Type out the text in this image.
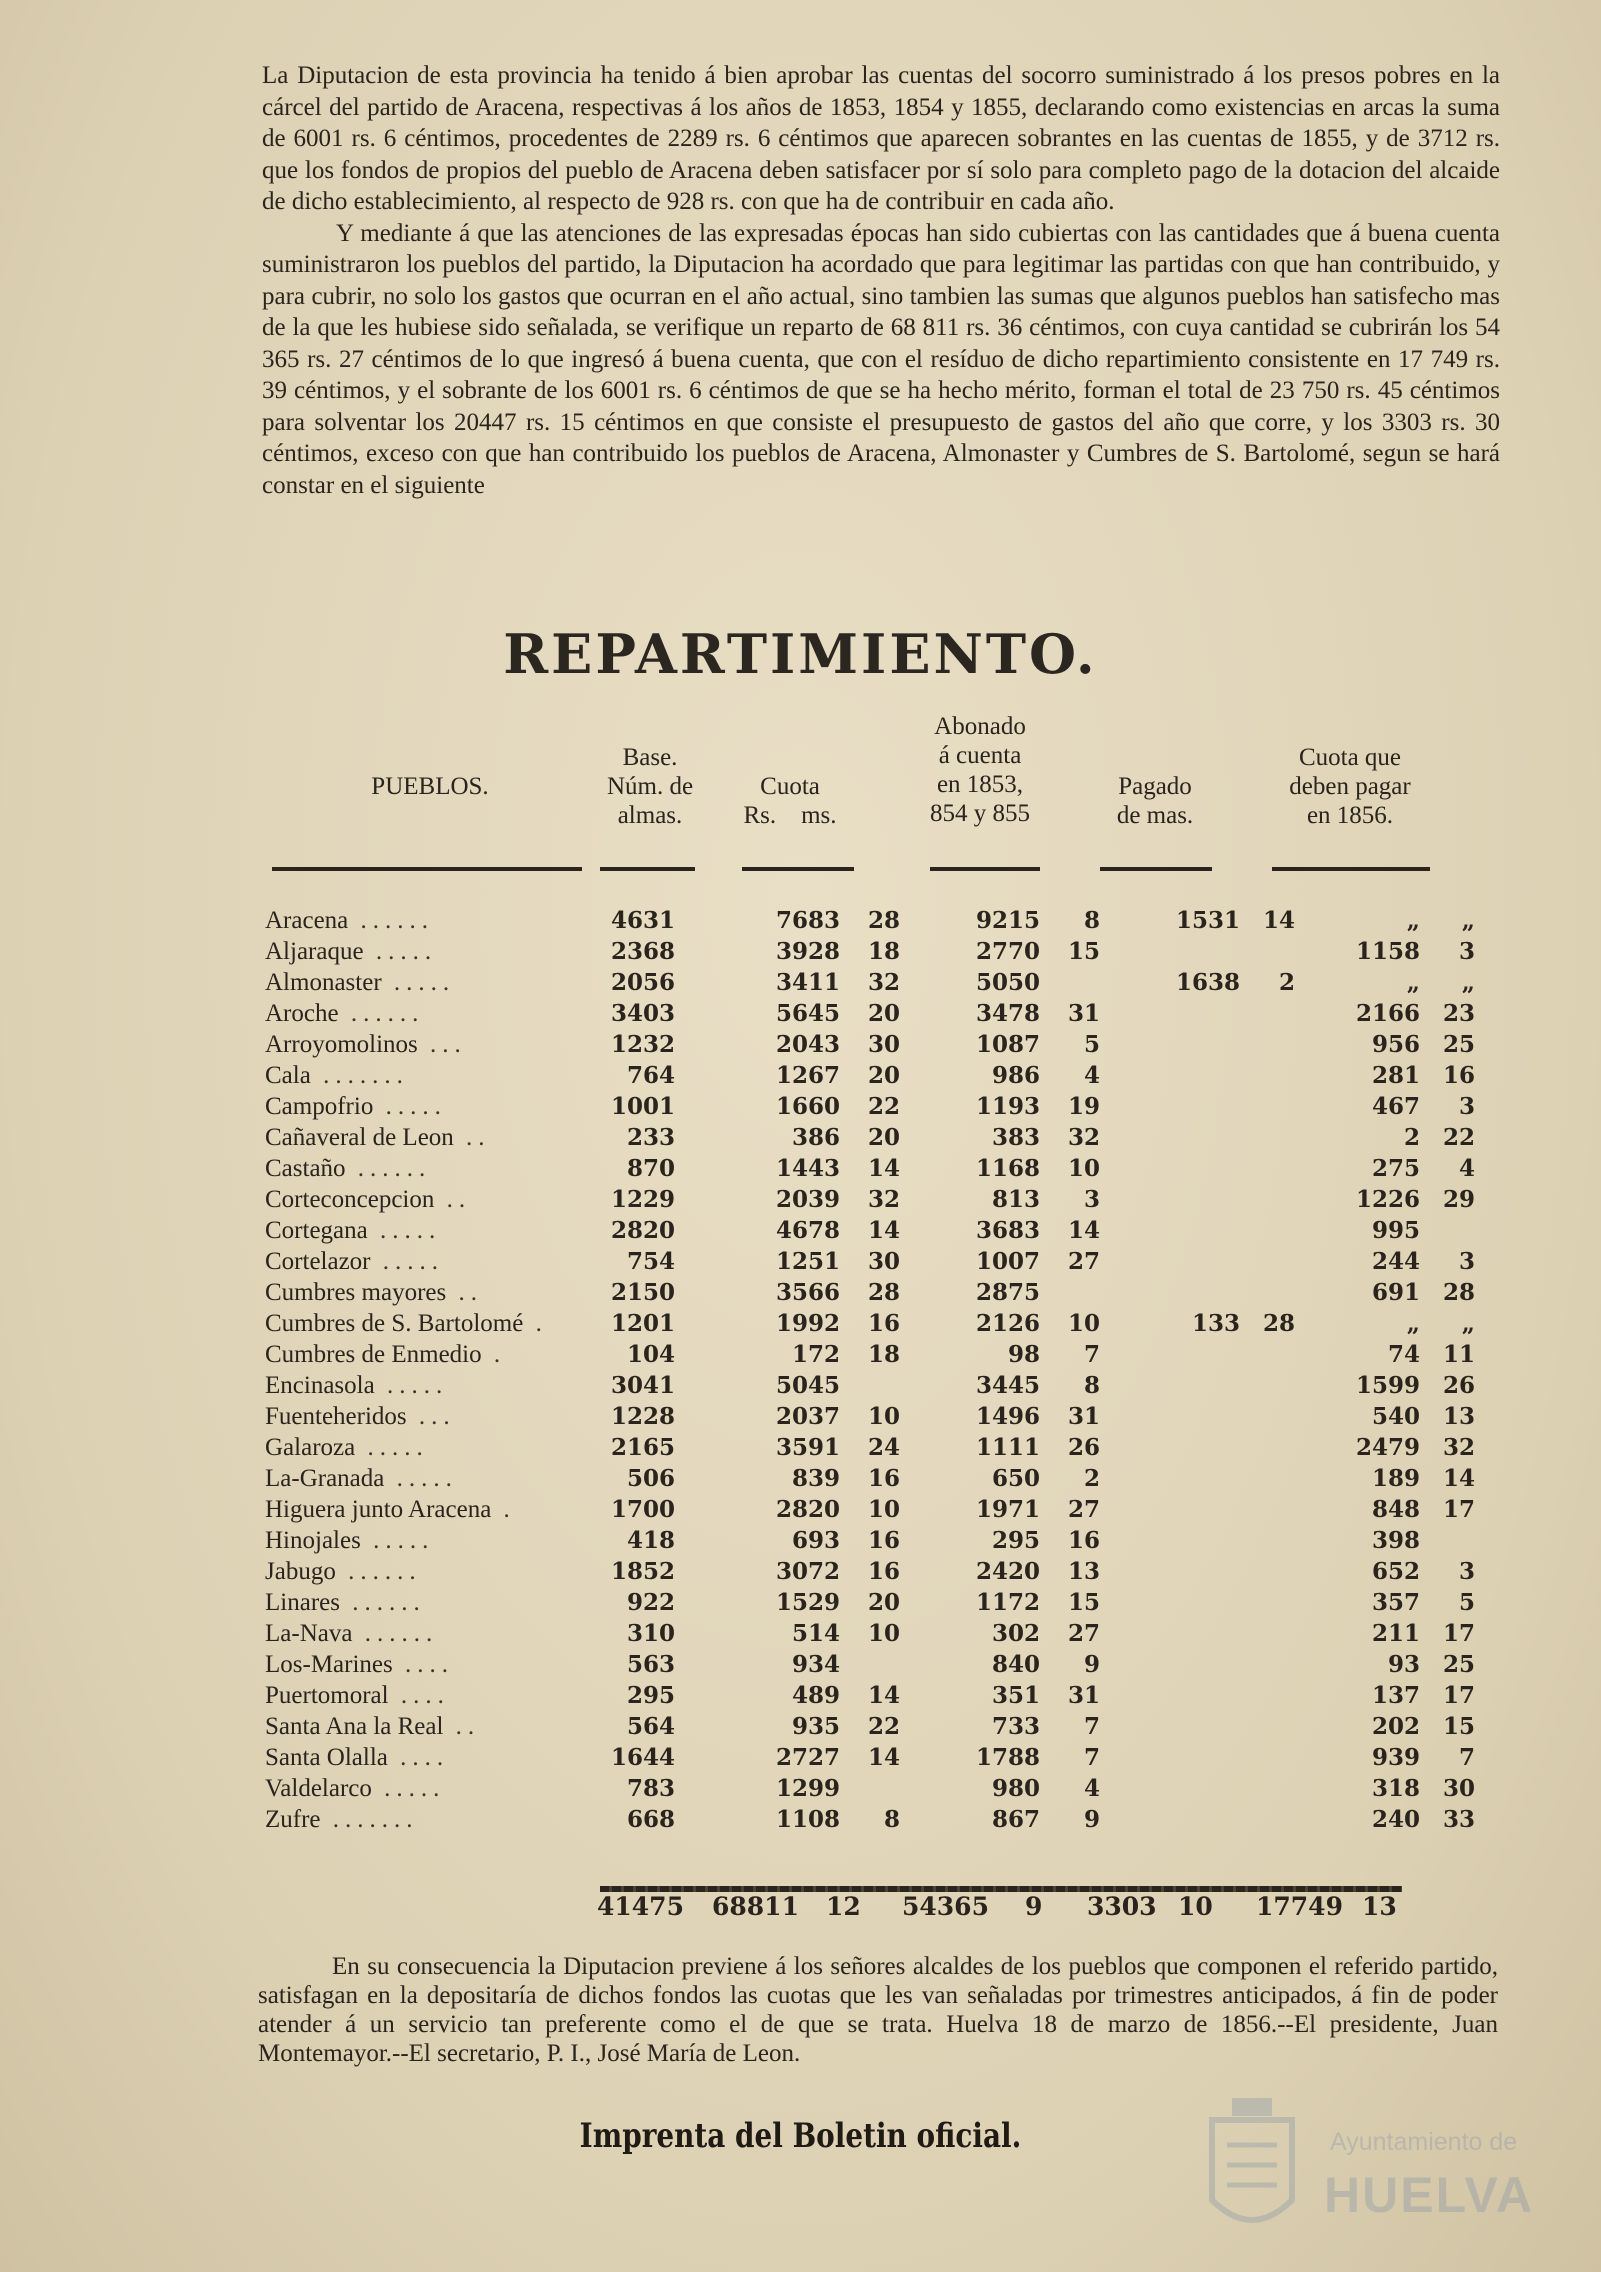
La Diputacion de esta provincia ha tenido á bien aprobar las cuentas del socorro suministrado á los presos pobres en la cárcel del partido de Aracena, respectivas á los años de 1853, 1854 y 1855, declarando como existencias en arcas la suma de 6001 rs. 6 céntimos, procedentes de 2289 rs. 6 céntimos que aparecen sobrantes en las cuentas de 1855, y de 3712 rs. que los fondos de propios del pueblo de Aracena deben satisfacer por sí solo para completo pago de la dotacion del alcaide de dicho establecimiento, al respecto de 928 rs. con que ha de contribuir en cada año.

Y mediante á que las atenciones de las expresadas épocas han sido cubiertas con las cantidades que á buena cuenta suministraron los pueblos del partido, la Diputacion ha acordado que para legitimar las partidas con que han contribuido, y para cubrir, no solo los gastos que ocurran en el año actual, sino tambien las sumas que algunos pueblos han satisfecho mas de la que les hubiese sido señalada, se verifique un reparto de 68 811 rs. 36 céntimos, con cuya cantidad se cubrirán los 54 365 rs. 27 céntimos de lo que ingresó á buena cuenta, que con el resíduo de dicho repartimiento consistente en 17 749 rs. 39 céntimos, y el sobrante de los 6001 rs. 6 céntimos de que se ha hecho mérito, forman el total de 23 750 rs. 45 céntimos para solventar los 20447 rs. 15 céntimos en que consiste el presupuesto de gastos del año que corre, y los 3303 rs. 30 céntimos, exceso con que han contribuido los pueblos de Aracena, Almonaster y Cumbres de S. Bartolomé, segun se hará constar en el siguiente

REPARTIMIENTO.
PUEBLOS.
Base.
Núm. de
almas.
Cuota
Rs.    ms.
Abonado
á cuenta
en 1853,
854 y 855
Pagado
de mas.
Cuota que
deben pagar
en 1856.
Aracena ......	4631		7683		28		9215		8		1531		14		„		„
Aljaraque .....	2368		3928		18		2770		15						1158		3
Almonaster .....	2056		3411		32		5050				1638		2		„		„
Aroche ......	3403		5645		20		3478		31						2166		23
Arroyomolinos ...	1232		2043		30		1087		5						956		25
Cala .......	764		1267		20		986		4						281		16
Campofrio .....	1001		1660		22		1193		19						467		3
Cañaveral de Leon ..	233		386		20		383		32						2		22
Castaño ......	870		1443		14		1168		10						275		4
Corteconcepcion ..	1229		2039		32		813		3						1226		29
Cortegana .....	2820		4678		14		3683		14						995		
Cortelazor .....	754		1251		30		1007		27						244		3
Cumbres mayores ..	2150		3566		28		2875								691		28
Cumbres de S. Bartolomé .	1201		1992		16		2126		10		133		28		„		„
Cumbres de Enmedio .	104		172		18		98		7						74		11
Encinasola .....	3041		5045				3445		8						1599		26
Fuenteheridos ...	1228		2037		10		1496		31						540		13
Galaroza .....	2165		3591		24		1111		26						2479		32
La-Granada .....	506		839		16		650		2						189		14
Higuera junto Aracena .	1700		2820		10		1971		27						848		17
Hinojales .....	418		693		16		295		16						398		
Jabugo ......	1852		3072		16		2420		13						652		3
Linares ......	922		1529		20		1172		15						357		5
La-Nava ......	310		514		10		302		27						211		17
Los-Marines ....	563		934				840		9						93		25
Puertomoral ....	295		489		14		351		31						137		17
Santa Ana la Real ..	564		935		22		733		7						202		15
Santa Olalla ....	1644		2727		14		1788		7						939		7
Valdelarco .....	783		1299				980		4						318		30
Zufre .......	668		1108		8		867		9						240		33
41475 68811 12 54365 9 3303 10 17749 13

En su consecuencia la Diputacion previene á los señores alcaldes de los pueblos que componen el referido partido, satisfagan en la depositaría de dichos fondos las cuotas que les van señaladas por trimestres anticipados, á fin de poder atender á un servicio tan preferente como el de que se trata. Huelva 18 de marzo de 1856.--El presidente, Juan Montemayor.--El secretario, P. I., José María de Leon.

Imprenta del Boletin oficial.	Ayuntamiento de
HUELVA
